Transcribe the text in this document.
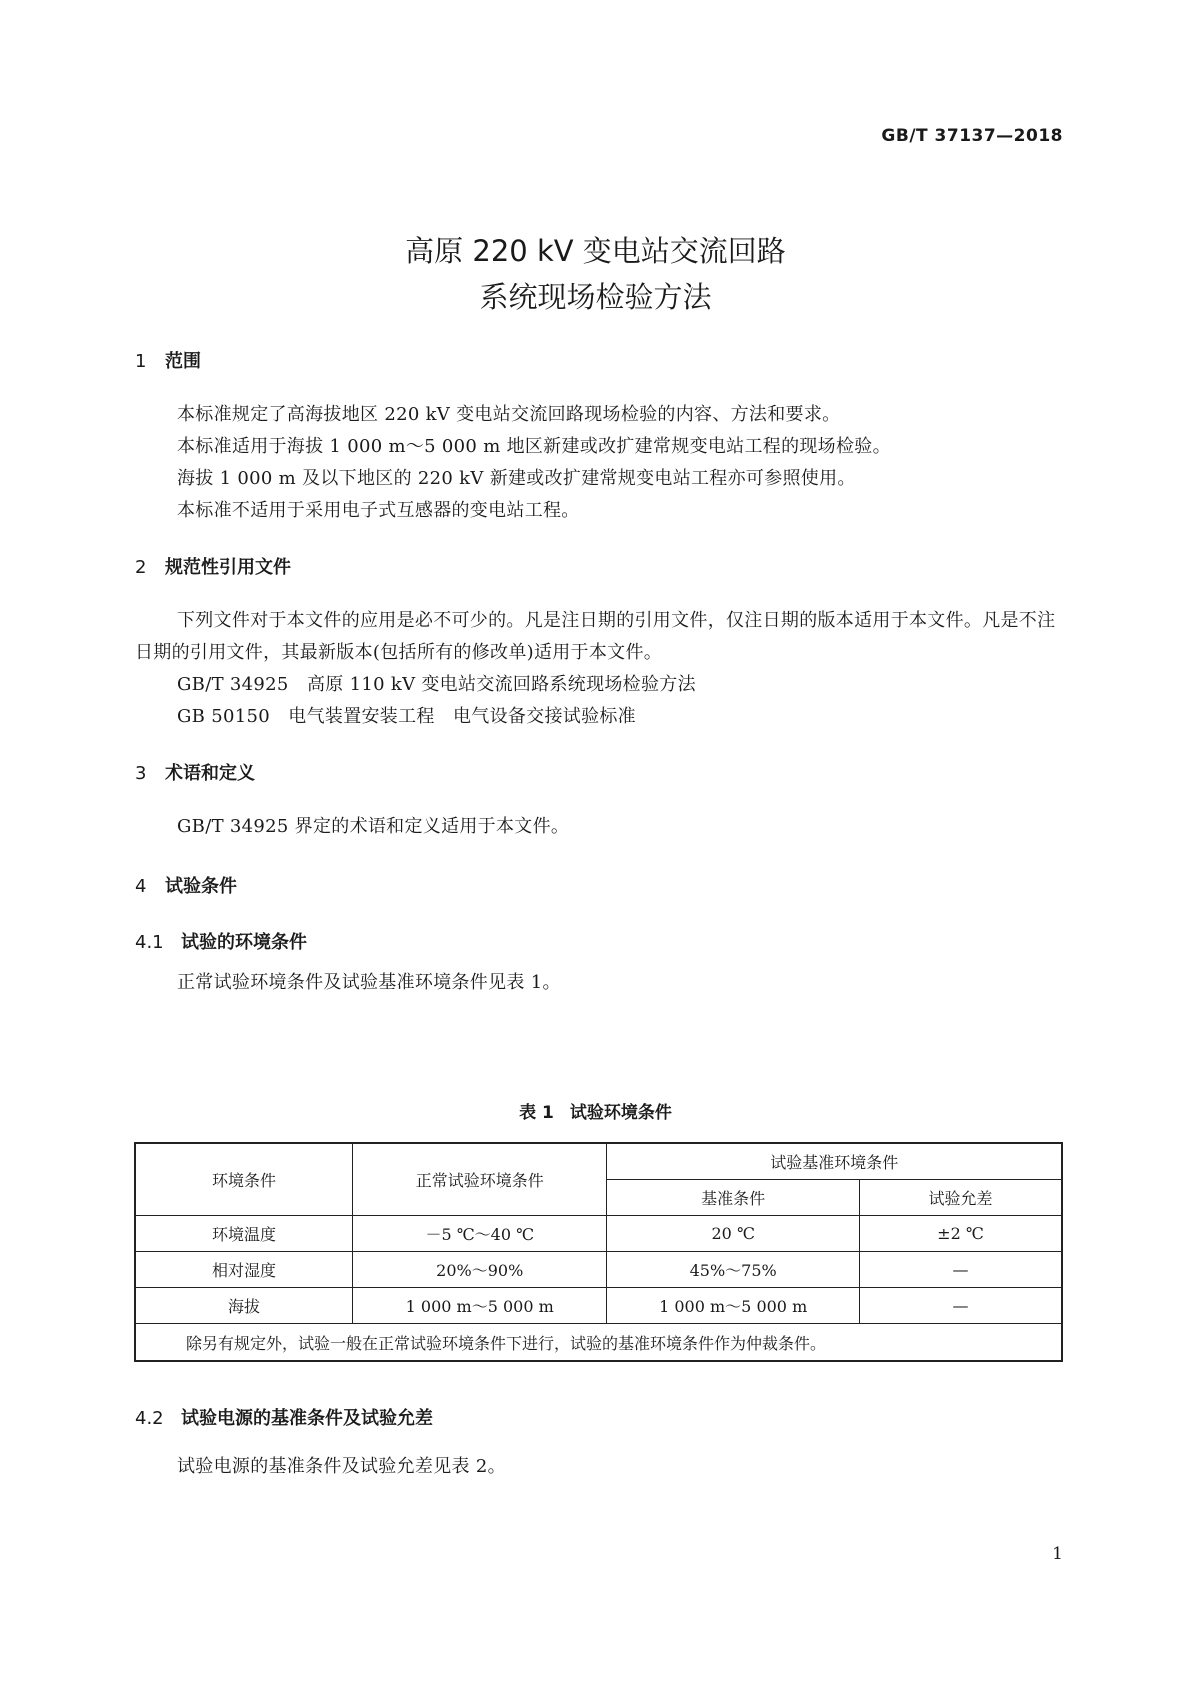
GB/T 37137—2018
高原 220 kV 变电站交流回路
系统现场检验方法
1 范围

本标准规定了高海拔地区 220 kV 变电站交流回路现场检验的内容、方法和要求。

本标准适用于海拔 1 000 m～5 000 m 地区新建或改扩建常规变电站工程的现场检验。

海拔 1 000 m 及以下地区的 220 kV 新建或改扩建常规变电站工程亦可参照使用。

本标准不适用于采用电子式互感器的变电站工程。

2 规范性引用文件

下列文件对于本文件的应用是必不可少的。凡是注日期的引用文件，仅注日期的版本适用于本文件。凡是不注日期的引用文件，其最新版本(包括所有的修改单)适用于本文件。

GB/T 34925　高原 110 kV 变电站交流回路系统现场检验方法

GB 50150　电气装置安装工程　电气设备交接试验标准

3 术语和定义

GB/T 34925 界定的术语和定义适用于本文件。

4 试验条件
4.1 试验的环境条件

正常试验环境条件及试验基准环境条件见表 1。

表 1 试验环境条件
环境条件	正常试验环境条件	试验基准环境条件	
		基准条件	试验允差
环境温度	－5 ℃～40 ℃	20 ℃	±2 ℃
相对湿度	20%～90%	45%～75%	—
海拔	1 000 m～5 000 m	1 000 m～5 000 m	—
除另有规定外，试验一般在正常试验环境条件下进行，试验的基准环境条件作为仲裁条件。			
4.2 试验电源的基准条件及试验允差

试验电源的基准条件及试验允差见表 2。

1
